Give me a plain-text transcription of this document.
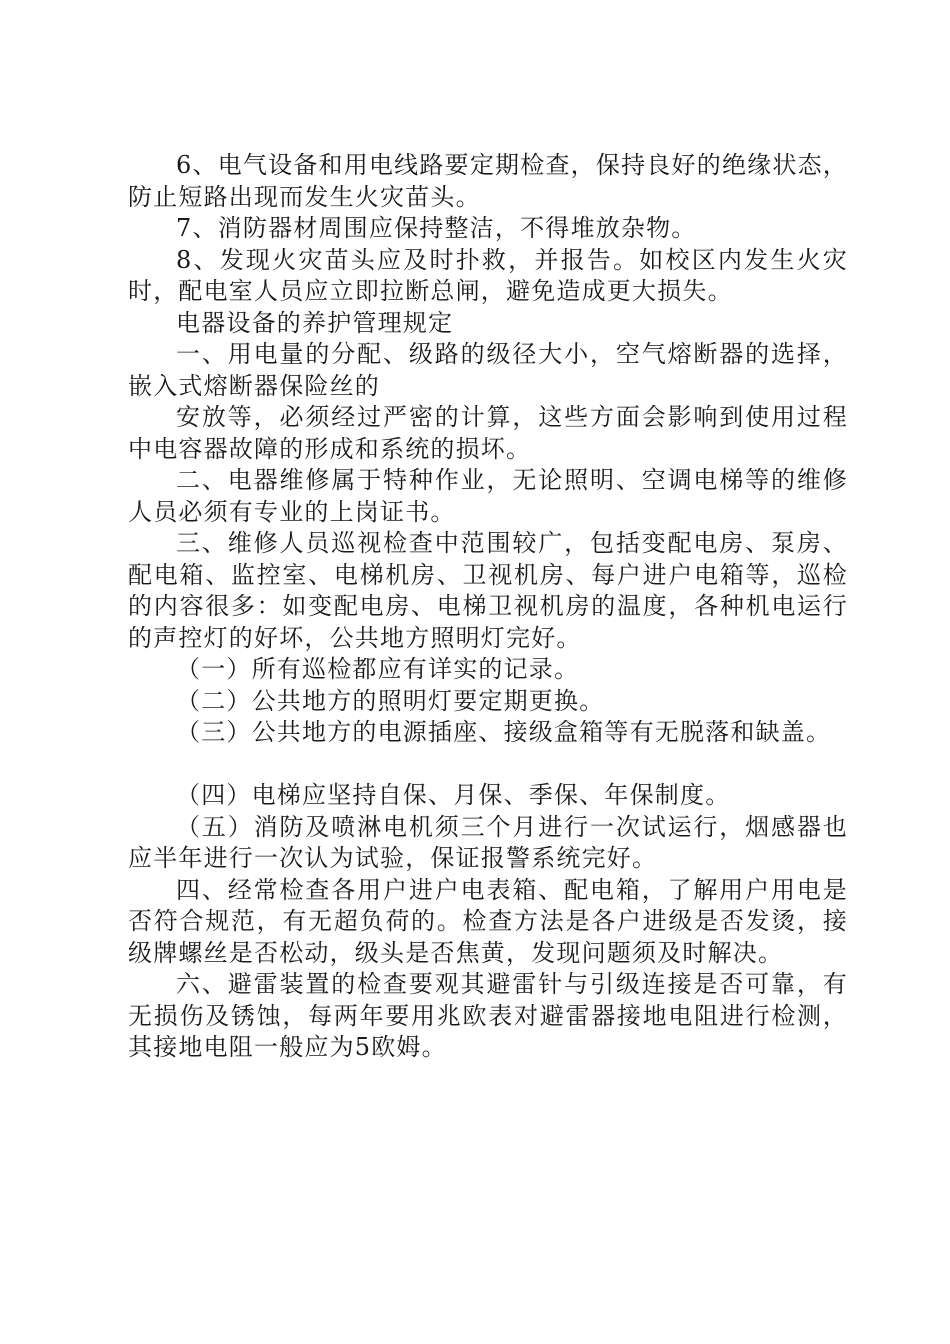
6、电气设备和用电线路要定期检查，保持良好的绝缘状态，防止短路出现而发生火灾苗头。

7、消防器材周围应保持整洁，不得堆放杂物。

8、发现火灾苗头应及时扑救，并报告。如校区内发生火灾时，配电室人员应立即拉断总闸，避免造成更大损失。

电器设备的养护管理规定

一、用电量的分配、级路的级径大小，空气熔断器的选择，嵌入式熔断器保险丝的

安放等，必须经过严密的计算，这些方面会影响到使用过程中电容器故障的形成和系统的损坏。

二、电器维修属于特种作业，无论照明、空调电梯等的维修人员必须有专业的上岗证书。

三、维修人员巡视检查中范围较广，包括变配电房、泵房、配电箱、监控室、电梯机房、卫视机房、每户进户电箱等，巡检的内容很多：如变配电房、电梯卫视机房的温度，各种机电运行的声控灯的好坏，公共地方照明灯完好。

（一）所有巡检都应有详实的记录。

（二）公共地方的照明灯要定期更换。

（三）公共地方的电源插座、接级盒箱等有无脱落和缺盖。

（四）电梯应坚持自保、月保、季保、年保制度。

（五）消防及喷淋电机须三个月进行一次试运行，烟感器也应半年进行一次认为试验，保证报警系统完好。

四、经常检查各用户进户电表箱、配电箱，了解用户用电是否符合规范，有无超负荷的。检查方法是各户进级是否发烫，接级牌螺丝是否松动，级头是否焦黄，发现问题须及时解决。

六、避雷装置的检查要观其避雷针与引级连接是否可靠，有无损伤及锈蚀，每两年要用兆欧表对避雷器接地电阻进行检测，其接地电阻一般应为5欧姆。
